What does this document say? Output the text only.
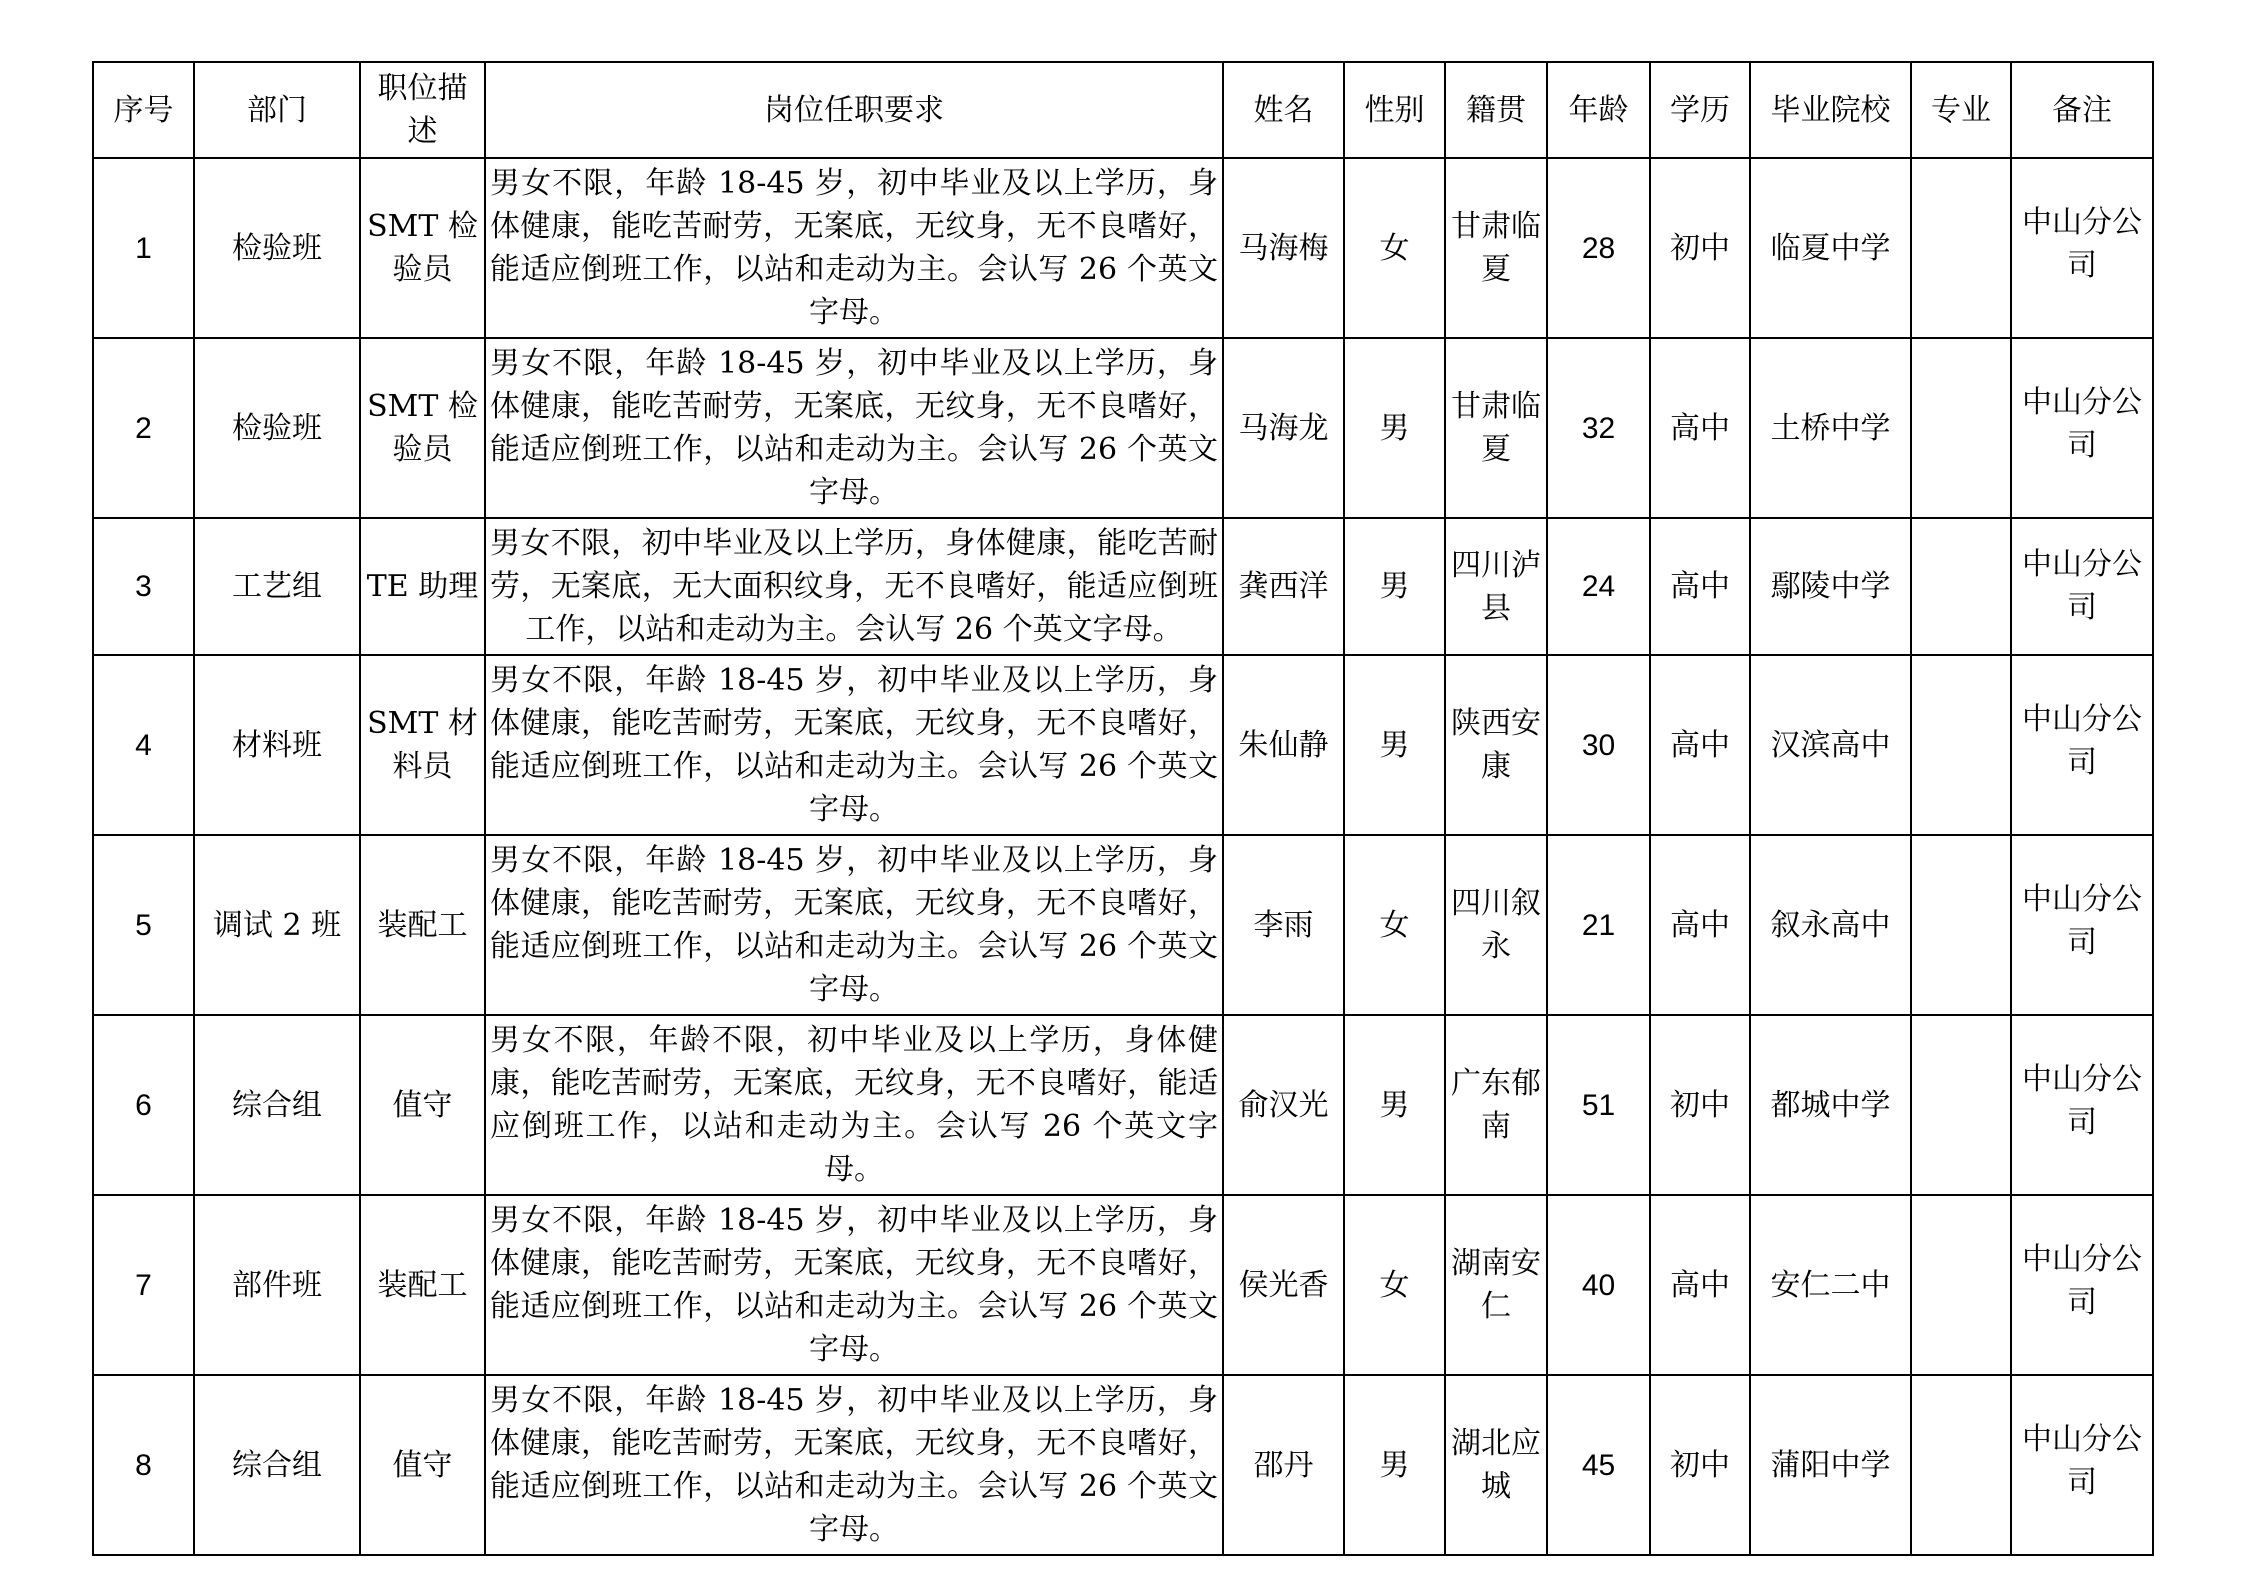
序号	部门	职位描述	岗位任职要求	姓名	性别	籍贯	年龄	学历	毕业院校	专业	备注
1	检验班	SMT 检验员	男女不限，年龄 18-45 岁，初中毕业及以上学历，身体健康，能吃苦耐劳，无案底，无纹身，无不良嗜好，能适应倒班工作，以站和走动为主。会认写 26 个英文字母。	马海梅	女	甘肃临夏	28	初中	临夏中学		中山分公司
2	检验班	SMT 检验员	男女不限，年龄 18-45 岁，初中毕业及以上学历，身体健康，能吃苦耐劳，无案底，无纹身，无不良嗜好，能适应倒班工作，以站和走动为主。会认写 26 个英文字母。	马海龙	男	甘肃临夏	32	高中	土桥中学		中山分公司
3	工艺组	TE 助理	男女不限，初中毕业及以上学历，身体健康，能吃苦耐劳，无案底，无大面积纹身，无不良嗜好，能适应倒班工作，以站和走动为主。会认写 26 个英文字母。	龚西洋	男	四川泸县	24	高中	鄢陵中学		中山分公司
4	材料班	SMT 材料员	男女不限，年龄 18-45 岁，初中毕业及以上学历，身体健康，能吃苦耐劳，无案底，无纹身，无不良嗜好，能适应倒班工作，以站和走动为主。会认写 26 个英文字母。	朱仙静	男	陕西安康	30	高中	汉滨高中		中山分公司
5	调试 2 班	装配工	男女不限，年龄 18-45 岁，初中毕业及以上学历，身体健康，能吃苦耐劳，无案底，无纹身，无不良嗜好，能适应倒班工作，以站和走动为主。会认写 26 个英文字母。	李雨	女	四川叙永	21	高中	叙永高中		中山分公司
6	综合组	值守	男女不限，年龄不限，初中毕业及以上学历，身体健康，能吃苦耐劳，无案底，无纹身，无不良嗜好，能适应倒班工作，以站和走动为主。会认写 26 个英文字母。	俞汉光	男	广东郁南	51	初中	都城中学		中山分公司
7	部件班	装配工	男女不限，年龄 18-45 岁，初中毕业及以上学历，身体健康，能吃苦耐劳，无案底，无纹身，无不良嗜好，能适应倒班工作，以站和走动为主。会认写 26 个英文字母。	侯光香	女	湖南安仁	40	高中	安仁二中		中山分公司
8	综合组	值守	男女不限，年龄 18-45 岁，初中毕业及以上学历，身体健康，能吃苦耐劳，无案底，无纹身，无不良嗜好，能适应倒班工作，以站和走动为主。会认写 26 个英文字母。	邵丹	男	湖北应城	45	初中	蒲阳中学		中山分公司
